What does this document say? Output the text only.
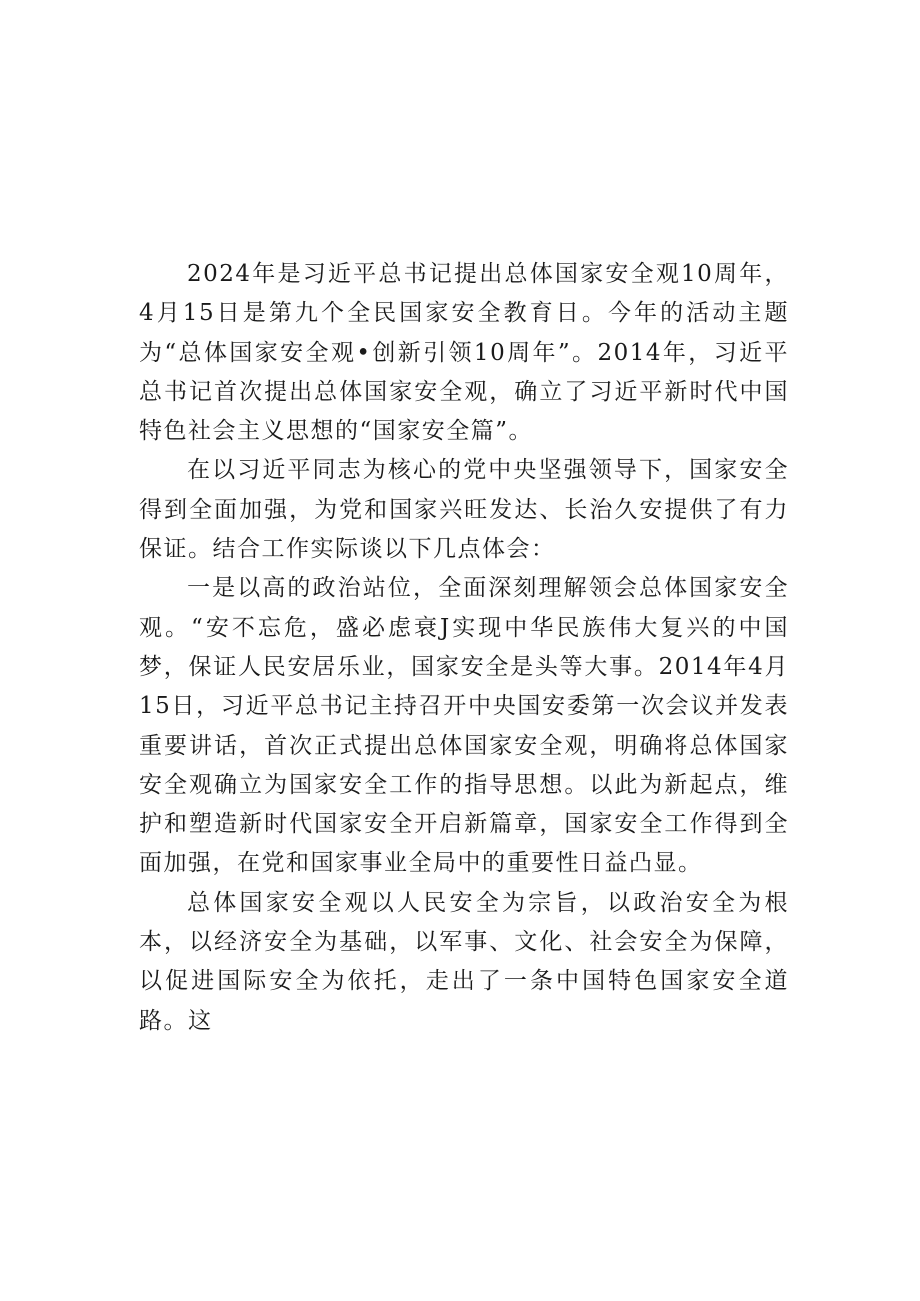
2024年是习近平总书记提出总体国家安全观10周年，4月15日是第九个全民国家安全教育日。今年的活动主题为“总体国家安全观•创新引领10周年”。2014年，习近平总书记首次提出总体国家安全观，确立了习近平新时代中国特色社会主义思想的“国家安全篇”。

在以习近平同志为核心的党中央坚强领导下，国家安全得到全面加强，为党和国家兴旺发达、长治久安提供了有力保证。结合工作实际谈以下几点体会：

一是以高的政治站位，全面深刻理解领会总体国家安全观。“安不忘危，盛必虑衰J实现中华民族伟大复兴的中国梦，保证人民安居乐业，国家安全是头等大事。2014年4月15日，习近平总书记主持召开中央国安委第一次会议并发表重要讲话，首次正式提出总体国家安全观，明确将总体国家安全观确立为国家安全工作的指导思想。以此为新起点，维护和塑造新时代国家安全开启新篇章，国家安全工作得到全面加强，在党和国家事业全局中的重要性日益凸显。

总体国家安全观以人民安全为宗旨，以政治安全为根本，以经济安全为基础，以军事、文化、社会安全为保障，以促进国际安全为依托，走出了一条中国特色国家安全道路。这
